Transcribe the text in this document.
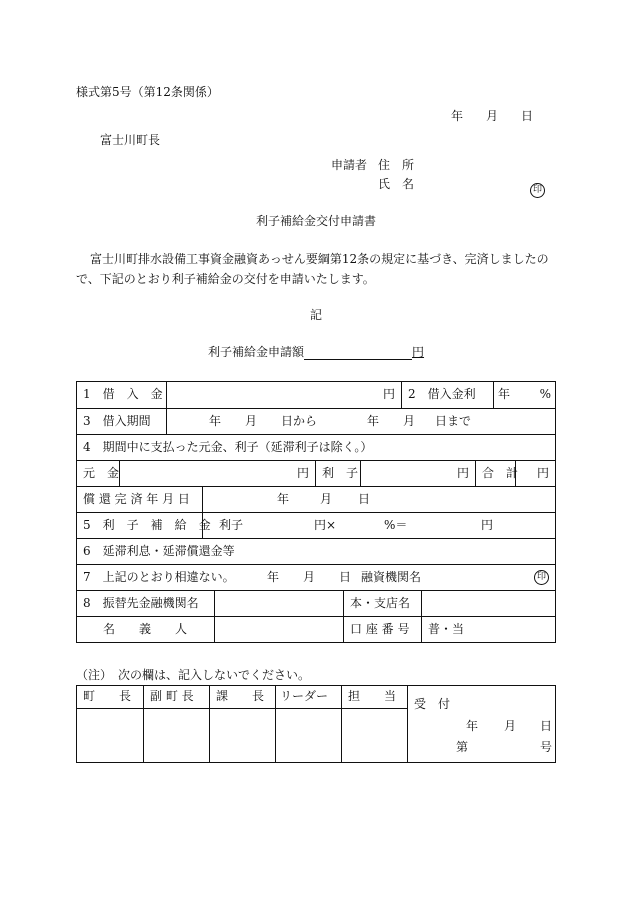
様式第5号（第12条関係）
年 月 日
富士川町長
申請者 住　所
氏　名	印
利子補給金交付申請書
富士川町排水設備工事資金融資あっせん要綱第12条の規定に基づき、完済しましたの
で、下記のとおり利子補給金の交付を申請いたします。
記
利子補給金申請額	円
1　借　入　金	円	2　借入金利	年 %
3　借入期間	年 月 日から	年 月 日まで
4　期間中に支払った元金、利子（延滞利子は除く。）
元　金	円	利　子	円	合　計	円
償 還 完 済 年 月 日	年	月 日
5　利　子　補　給　金 利子	円×	%＝	円
6　延滞利息・延滞償還金等
7　上記のとおり相違ない。	年 月 日 融資機関名	印
8　振替先金融機関名	本・支店名
名　　義　　人	口 座 番 号	普・当
（注）　次の欄は、記入しないでください。
町　　長	副 町 長	課　　長	リーダー	担　　当
受　付
年 月 日
第	号
